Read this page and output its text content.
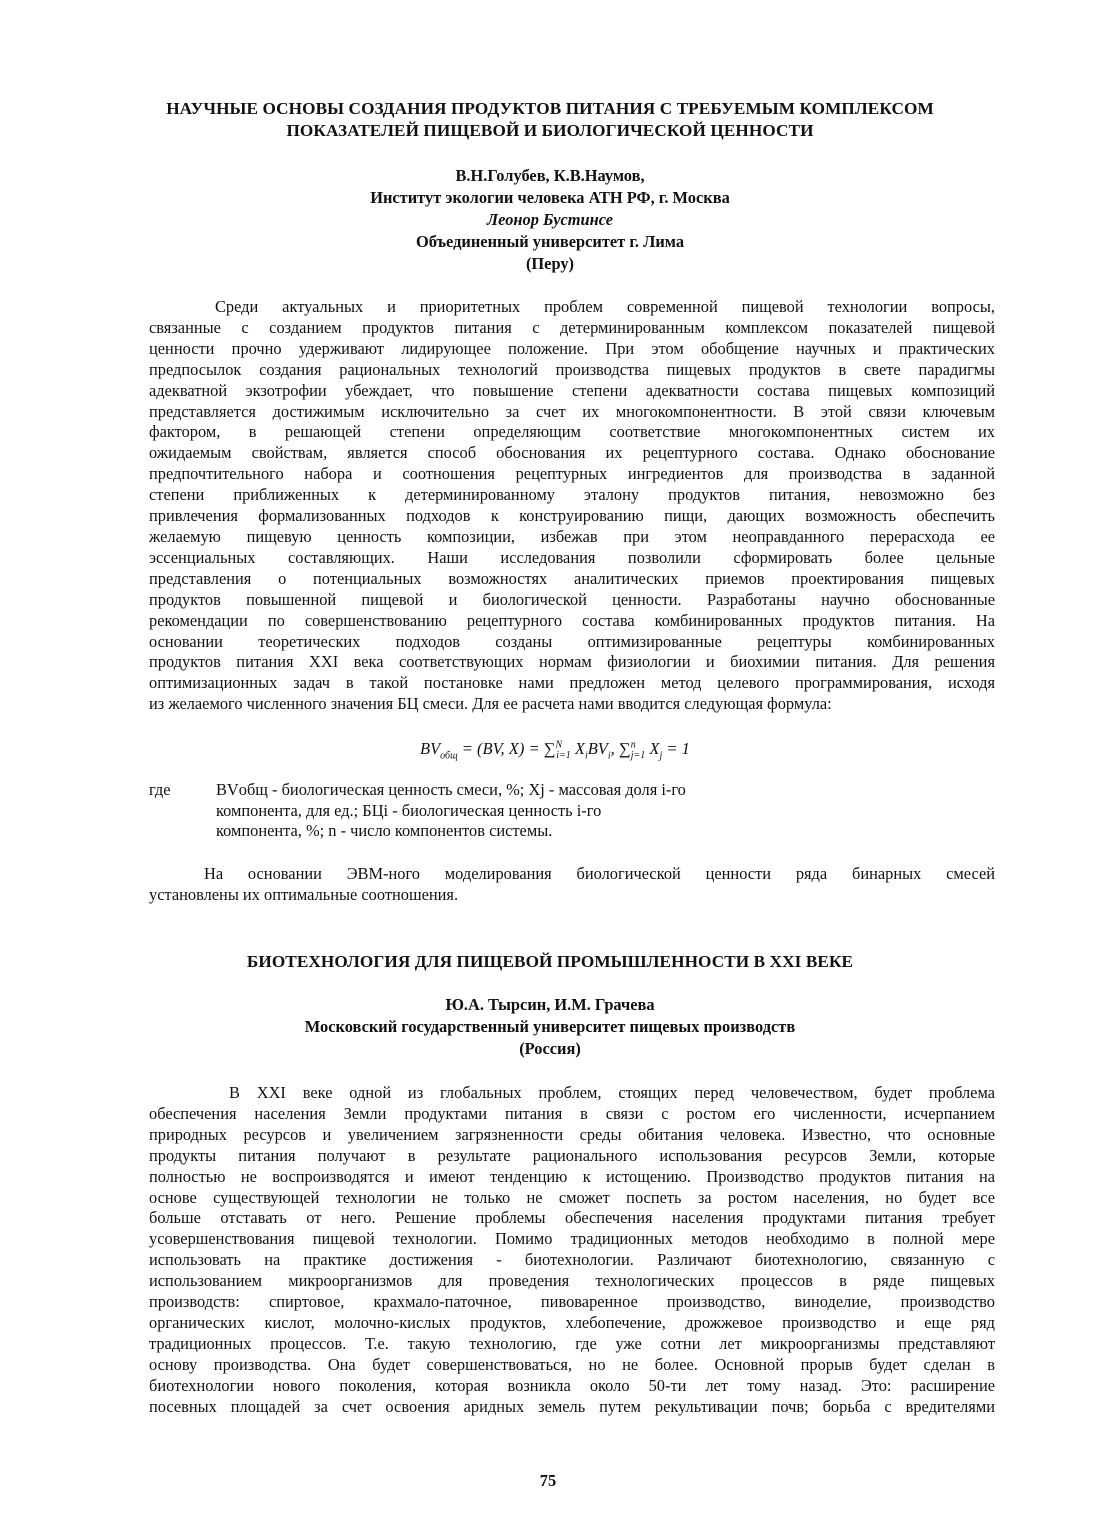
НАУЧНЫЕ ОСНОВЫ СОЗДАНИЯ ПРОДУКТОВ ПИТАНИЯ С ТРЕБУЕМЫМ КОМПЛЕКСОМ
ПОКАЗАТЕЛЕЙ ПИЩЕВОЙ И БИОЛОГИЧЕСКОЙ ЦЕННОСТИ
В.Н.Голубев, К.В.Наумов,
Институт экологии человека АТН РФ, г. Москва
Леонор Бустинсе
Объединенный университет г. Лима
(Перу)
Среди актуальных и приоритетных проблем современной пищевой технологии вопросы,
связанные с созданием продуктов питания с детерминированным комплексом показателей пищевой
ценности прочно удерживают лидирующее положение. При этом обобщение научных и практических
предпосылок создания рациональных технологий производства пищевых продуктов в свете парадигмы
адекватной экзотрофии убеждает, что повышение степени адекватности состава пищевых композиций
представляется достижимым исключительно за счет их многокомпонентности. В этой связи ключевым
фактором, в решающей степени определяющим соответствие многокомпонентных систем их
ожидаемым свойствам, является способ обоснования их рецептурного состава. Однако обоснование
предпочтительного набора и соотношения рецептурных ингредиентов для производства в заданной
степени приближенных к детерминированному эталону продуктов питания, невозможно без
привлечения формализованных подходов к конструированию пищи, дающих возможность обеспечить
желаемую пищевую ценность композиции, избежав при этом неоправданного перерасхода ее
эссенциальных составляющих. Наши исследования позволили сформировать более цельные
представления о потенциальных возможностях аналитических приемов проектирования пищевых
продуктов повышенной пищевой и биологической ценности. Разработаны научно обоснованные
рекомендации по совершенствованию рецептурного состава комбинированных продуктов питания. На
основании теоретических подходов созданы оптимизированные рецептуры комбинированных
продуктов питания XXI века соответствующих нормам физиологии и биохимии питания. Для решения
оптимизационных задач в такой постановке нами предложен метод целевого программирования, исходя
из желаемого численного значения БЦ смеси. Для ее расчета нами вводится следующая формула:
$BV_{общ} = (BV$, X) = ∑$^N_{i=1}$ $X_iBV_i$, ∑$^n_{j=1}$ $X_j = 1$
где	BVобщ - биологическая ценность смеси, %; Xj - массовая доля i-го
компонента, для ед.; БЦi - биологическая ценность i-го
компонента, %; n - число компонентов системы.
На основании ЭВМ-ного моделирования биологической ценности ряда бинарных смесей
установлены их оптимальные соотношения.
БИОТЕХНОЛОГИЯ ДЛЯ ПИЩЕВОЙ ПРОМЫШЛЕННОСТИ В XXI ВЕКЕ
Ю.А. Тырсин, И.М. Грачева
Московский государственный университет пищевых производств
(Россия)
В XXI веке одной из глобальных проблем, стоящих перед человечеством, будет проблема
обеспечения населения Земли продуктами питания в связи с ростом его численности, исчерпанием
природных ресурсов и увеличением загрязненности среды обитания человека. Известно, что основные
продукты питания получают в результате рационального использования ресурсов Земли, которые
полностью не воспроизводятся и имеют тенденцию к истощению. Производство продуктов питания на
основе существующей технологии не только не сможет поспеть за ростом населения, но будет все
больше отставать от него. Решение проблемы обеспечения населения продуктами питания требует
усовершенствования пищевой технологии. Помимо традиционных методов необходимо в полной мере
использовать на практике достижения - биотехнологии. Различают биотехнологию, связанную с
использованием микроорганизмов для проведения технологических процессов в ряде пищевых
производств: спиртовое, крахмало-паточное, пивоваренное производство, виноделие, производство
органических кислот, молочно-кислых продуктов, хлебопечение, дрожжевое производство и еще ряд
традиционных процессов. Т.е. такую технологию, где уже сотни лет микроорганизмы представляют
основу производства. Она будет совершенствоваться, но не более. Основной прорыв будет сделан в
биотехнологии нового поколения, которая возникла около 50-ти лет тому назад. Это: расширение
посевных площадей за счет освоения аридных земель путем рекультивации почв; борьба с вредителями
75
